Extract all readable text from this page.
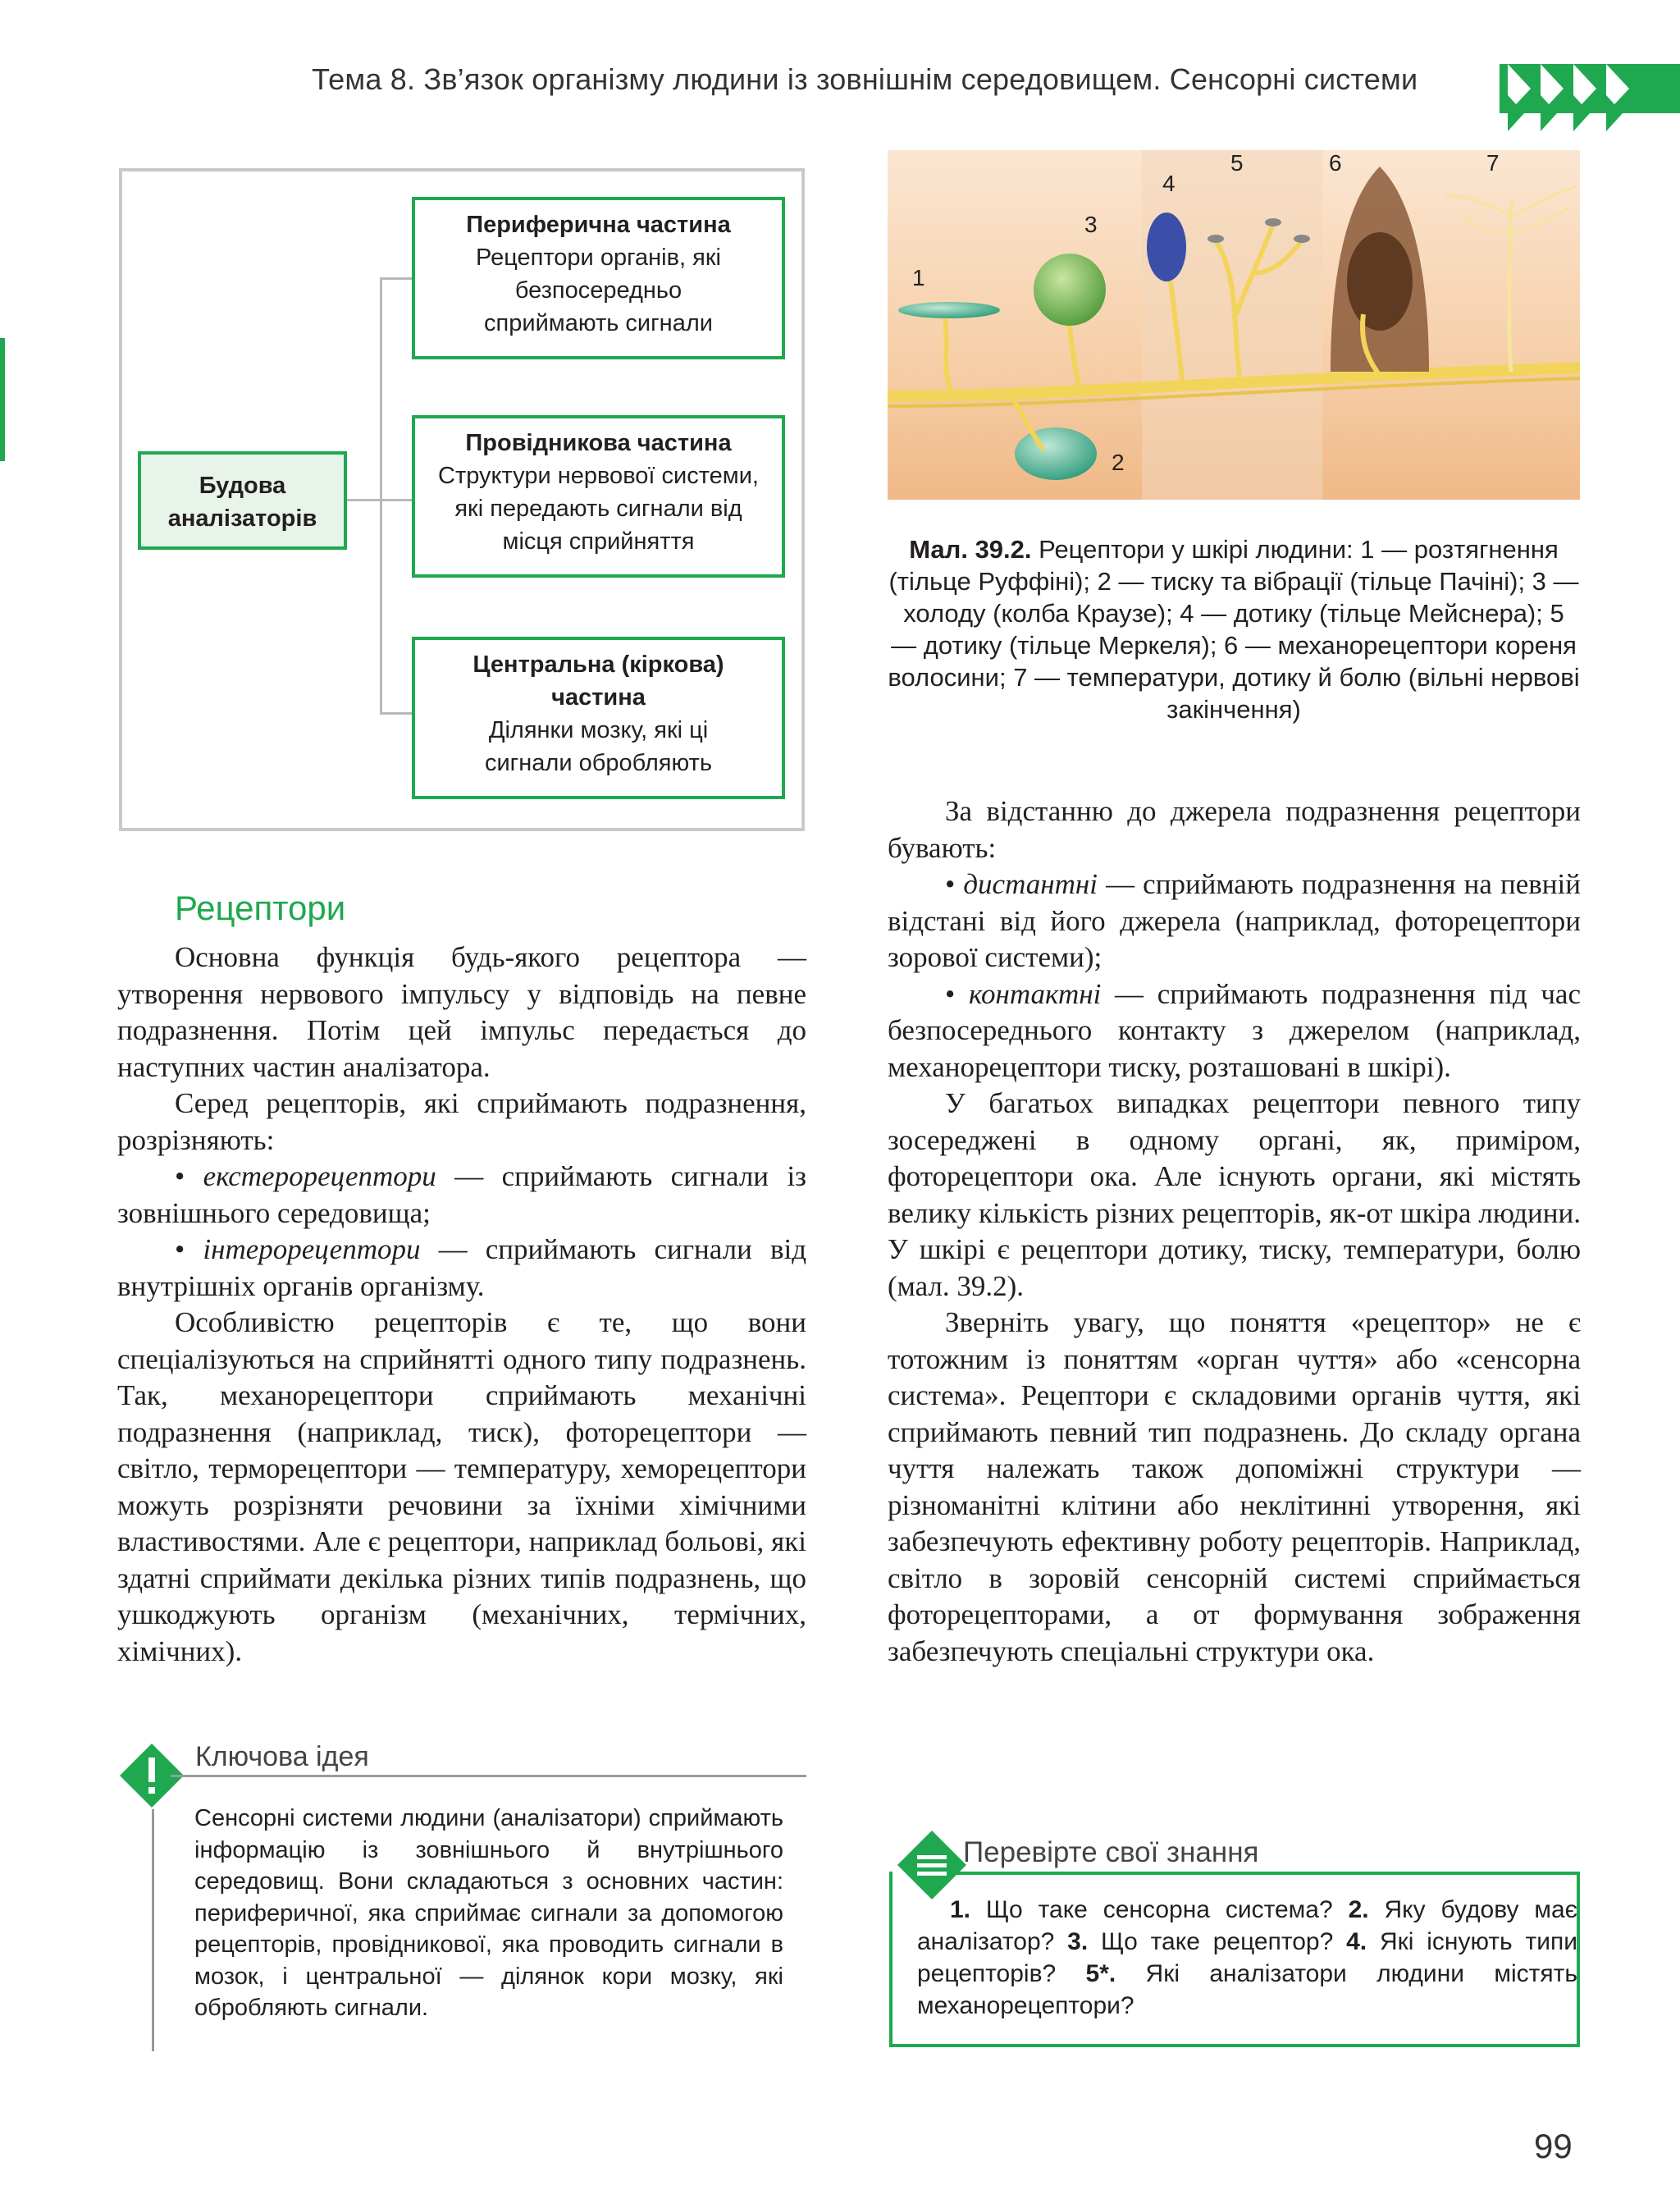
Тема 8. Зв’язок організму людини із зовнішнім середовищем. Сенсорні системи
Будова аналізаторів
Периферична частина
Рецептори органів, які безпосередньо сприймають сигнали
Провідникова частина
Структури нервової системи, які передають сигнали від місця сприйняття
Центральна (кіркова) частина
Ділянки мозку, які ці сигнали обробляють
1
2
3
4
5	6	7
Мал. 39.2. Рецептори у шкірі людини: 1 — розтягнення (тільце Руффіні); 2 — тиску та вібрації (тільце Пачіні); 3 — холоду (колба Краузе); 4 — дотику (тільце Мейснера); 5 — дотику (тільце Меркеля); 6 — механорецептори кореня волосини; 7 — температури, дотику й болю (вільні нервові закінчення)
Рецептори

Основна функція будь-якого рецептора — утворення нервового імпульсу у відповідь на певне подразнення. Потім цей імпульс передається до наступних частин аналізатора.

Серед рецепторів, які сприймають подразнення, розрізняють:

• екстерорецептори — сприймають сигнали із зовнішнього середовища;

• інтерорецептори — сприймають сигнали від внутрішніх органів організму.

Особливістю рецепторів є те, що вони спеціалізуються на сприйнятті одного типу подразнень. Так, механорецептори сприймають механічні подразнення (наприклад, тиск), фоторецептори — світло, терморецептори — температуру, хеморецептори можуть розрізняти речовини за їхніми хімічними властивостями. Але є рецептори, наприклад больові, які здатні сприймати декілька різних типів подразнень, що ушкоджують організм (механічних, термічних, хімічних).

За відстанню до джерела подразнення рецептори бувають:

• дистантні — сприймають подразнення на певній відстані від його джерела (наприклад, фоторецептори зорової системи);

• контактні — сприймають подразнення під час безпосереднього контакту з джерелом (наприклад, механорецептори тиску, розташовані в шкірі).

У багатьох випадках рецептори певного типу зосереджені в одному органі, як, приміром, фоторецептори ока. Але існують органи, які містять велику кількість різних рецепторів, як-от шкіра людини. У шкірі є рецептори дотику, тиску, температури, болю (мал. 39.2).

Зверніть увагу, що поняття «рецептор» не є тотожним із поняттям «орган чуття» або «сенсорна система». Рецептори є складовими органів чуття, які сприймають певний тип подразнень. До складу органа чуття належать також допоміжні структури — різноманітні клітини або неклітинні утворення, які забезпечують ефективну роботу рецепторів. Наприклад, світло в зоровій сенсорній системі сприймається фоторецепторами, а от формування зображення забезпечують спеціальні структури ока.

Ключова ідея
Сенсорні системи людини (аналізатори) сприймають інформацію із зовнішнього й внутрішнього середовищ. Вони складаються з основних частин: периферичної, яка сприймає сигнали за допомогою рецепторів, провідникової, яка проводить сигнали в мозок, і центральної — ділянок кори мозку, які обробляють сигнали.
Перевірте свої знання
1. Що таке сенсорна система? 2. Яку будову має аналізатор? 3. Що таке рецептор? 4. Які існують типи рецепторів? 5*. Які аналізатори людини містять механорецептори?
99
